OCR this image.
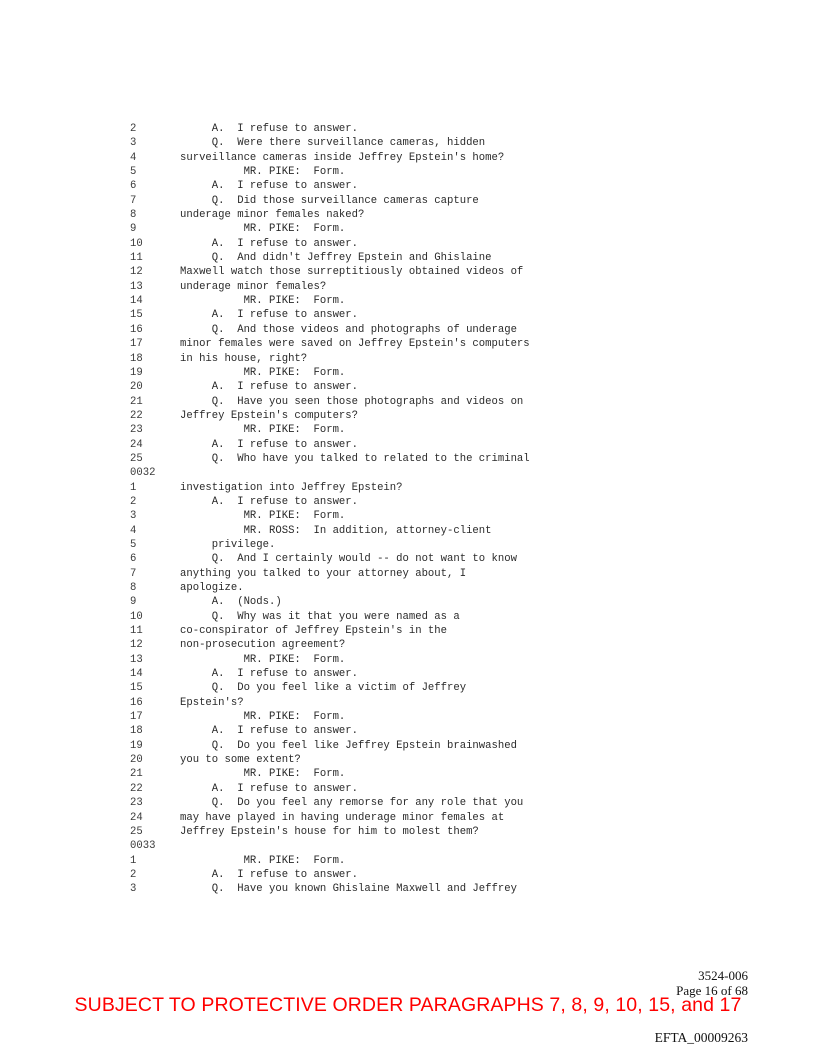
2	A.  I refuse to answer.
3	Q.  Were there surveillance cameras, hidden
4	surveillance cameras inside Jeffrey Epstein's home?
5	MR. PIKE:  Form.
6	A.  I refuse to answer.
7	Q.  Did those surveillance cameras capture
8	underage minor females naked?
9	MR. PIKE:  Form.
10	A.  I refuse to answer.
11	Q.  And didn't Jeffrey Epstein and Ghislaine
12	Maxwell watch those surreptitiously obtained videos of
13	underage minor females?
14	MR. PIKE:  Form.
15	A.  I refuse to answer.
16	Q.  And those videos and photographs of underage
17	minor females were saved on Jeffrey Epstein's computers
18	in his house, right?
19	MR. PIKE:  Form.
20	A.  I refuse to answer.
21	Q.  Have you seen those photographs and videos on
22	Jeffrey Epstein's computers?
23	MR. PIKE:  Form.
24	A.  I refuse to answer.
25	Q.  Who have you talked to related to the criminal
0032
1	investigation into Jeffrey Epstein?
2	A.  I refuse to answer.
3	MR. PIKE:  Form.
4	MR. ROSS:  In addition, attorney-client
5	privilege.
6	Q.  And I certainly would -- do not want to know
7	anything you talked to your attorney about, I
8	apologize.
9	A.  (Nods.)
10	Q.  Why was it that you were named as a
11	co-conspirator of Jeffrey Epstein's in the
12	non-prosecution agreement?
13	MR. PIKE:  Form.
14	A.  I refuse to answer.
15	Q.  Do you feel like a victim of Jeffrey
16	Epstein's?
17	MR. PIKE:  Form.
18	A.  I refuse to answer.
19	Q.  Do you feel like Jeffrey Epstein brainwashed
20	you to some extent?
21	MR. PIKE:  Form.
22	A.  I refuse to answer.
23	Q.  Do you feel any remorse for any role that you
24	may have played in having underage minor females at
25	Jeffrey Epstein's house for him to molest them?
0033
1	MR. PIKE:  Form.
2	A.  I refuse to answer.
3	Q.  Have you known Ghislaine Maxwell and Jeffrey
3524-006
Page 16 of 68
SUBJECT TO PROTECTIVE ORDER PARAGRAPHS 7, 8, 9, 10, 15, and 17
EFTA_00009263
